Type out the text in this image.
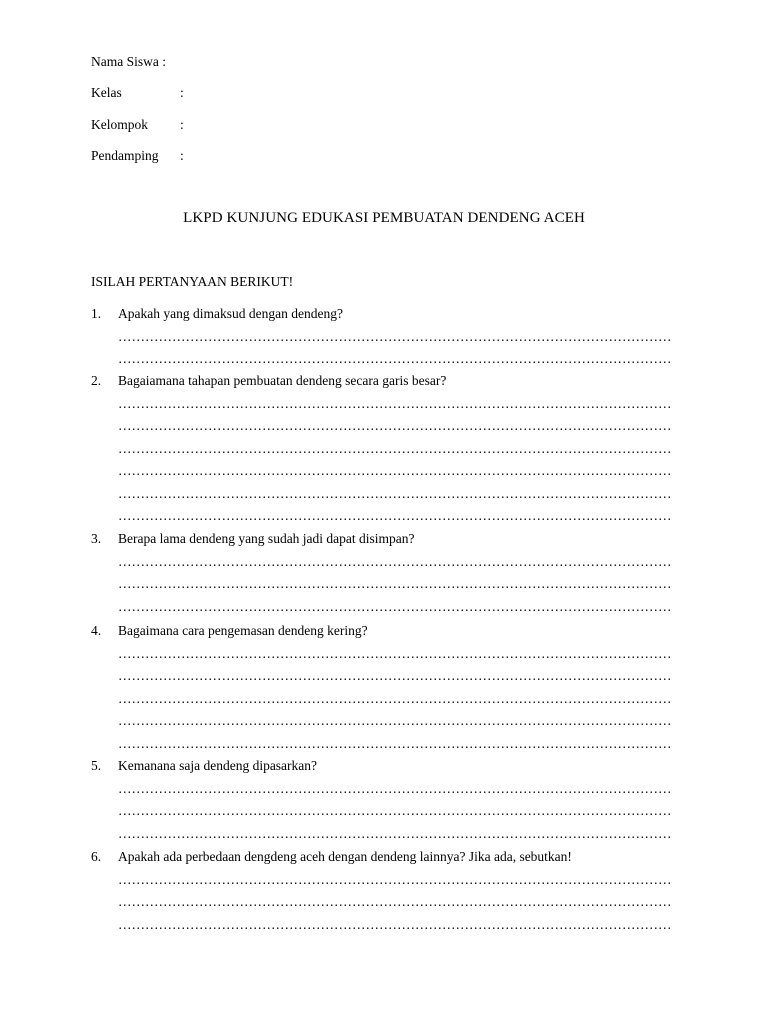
Nama Siswa :
Kelas	:
Kelompok :
Pendamping :
LKPD KUNJUNG EDUKASI PEMBUATAN DENDENG ACEH
ISILAH PERTANYAAN BERIKUT!
1. Apakah yang dimaksud dengan dendeng?
……………………………………………………………………………………………………………
……………………………………………………………………………………………………………
2. Bagaiamana tahapan pembuatan dendeng secara garis besar?
……………………………………………………………………………………………………………
……………………………………………………………………………………………………………
……………………………………………………………………………………………………………
……………………………………………………………………………………………………………
……………………………………………………………………………………………………………
……………………………………………………………………………………………………………
3. Berapa lama dendeng yang sudah jadi dapat disimpan?
……………………………………………………………………………………………………………
……………………………………………………………………………………………………………
……………………………………………………………………………………………………………
4. Bagaimana cara pengemasan dendeng kering?
……………………………………………………………………………………………………………
……………………………………………………………………………………………………………
……………………………………………………………………………………………………………
……………………………………………………………………………………………………………
……………………………………………………………………………………………………………
5. Kemanana saja dendeng dipasarkan?
……………………………………………………………………………………………………………
……………………………………………………………………………………………………………
……………………………………………………………………………………………………………
6. Apakah ada perbedaan dengdeng aceh dengan dendeng lainnya? Jika ada, sebutkan!
……………………………………………………………………………………………………………
……………………………………………………………………………………………………………
……………………………………………………………………………………………………………
